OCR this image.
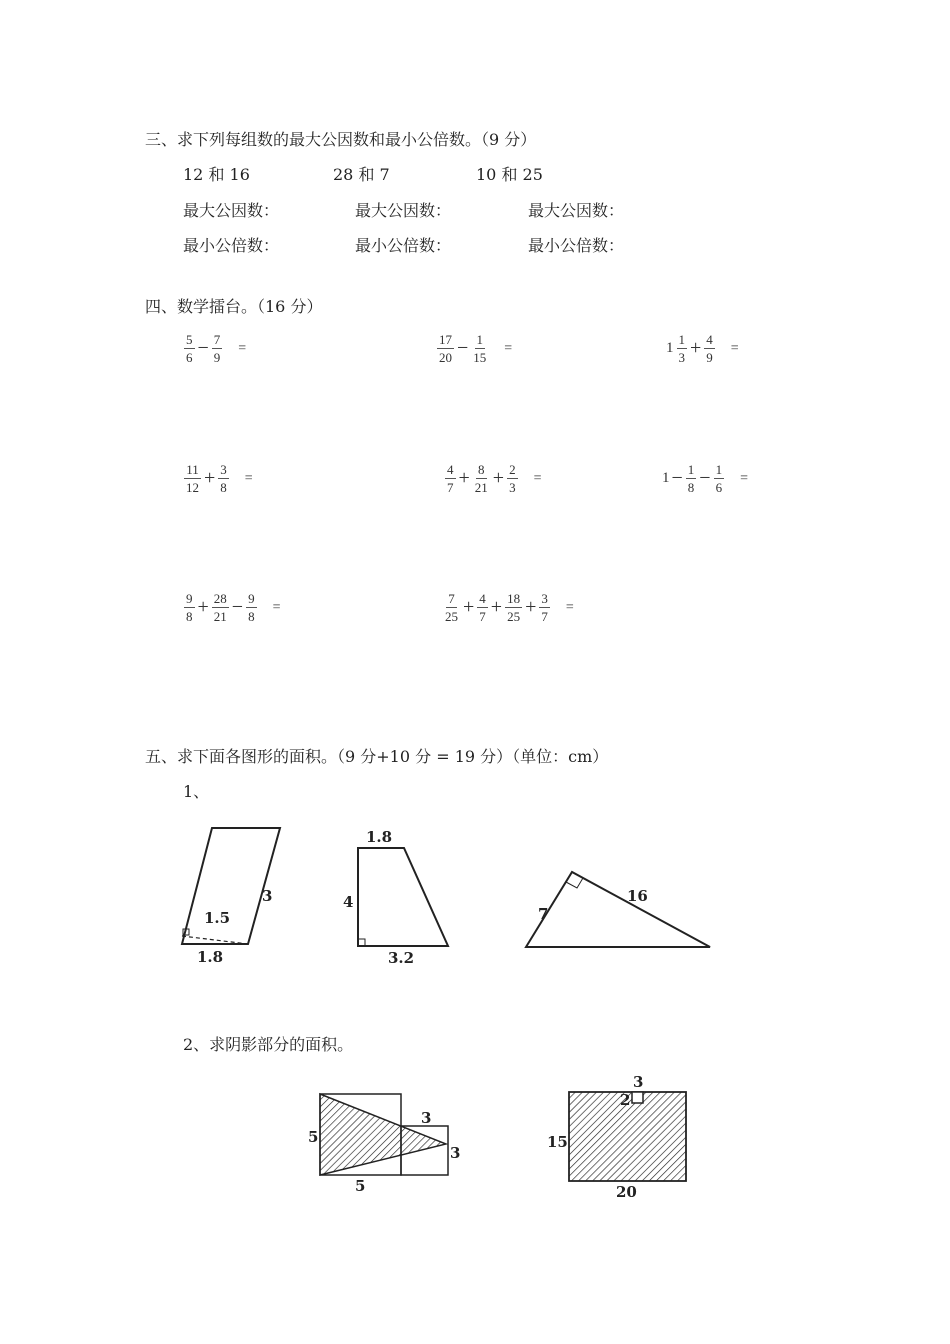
三、求下列每组数的最大公因数和最小公倍数。（9 分）
12 和 16	28 和 7	10 和 25
最大公因数：	最大公因数：	最大公因数：
最小公倍数：	最小公倍数：	最小公倍数：
四、数学擂台。（16 分）
$\frac{5}{6} - \frac{7}{9}$ =	$\frac{17}{20} - \frac{1}{15}$ =	$1 \frac{1}{3} + \frac{4}{9}$ =
$\frac{11}{12} + \frac{3}{8}$ =	$\frac{4}{7} + \frac{8}{21} + \frac{2}{3}$ =	$1 - \frac{1}{8} - \frac{1}{6}$ =
$\frac{9}{8} + \frac{28}{21} - \frac{9}{8}$ =	$\frac{7}{25} + \frac{4}{7} + \frac{18}{25} + \frac{3}{7}$ =
五、求下面各图形的面积。（9 分+10 分 = 19 分）（单位：cm）
1、
2、求阴影部分的面积。
3
1.5
1.8
1.8
4
3.2
7
16
5
5
3
3
3
2
15
20
